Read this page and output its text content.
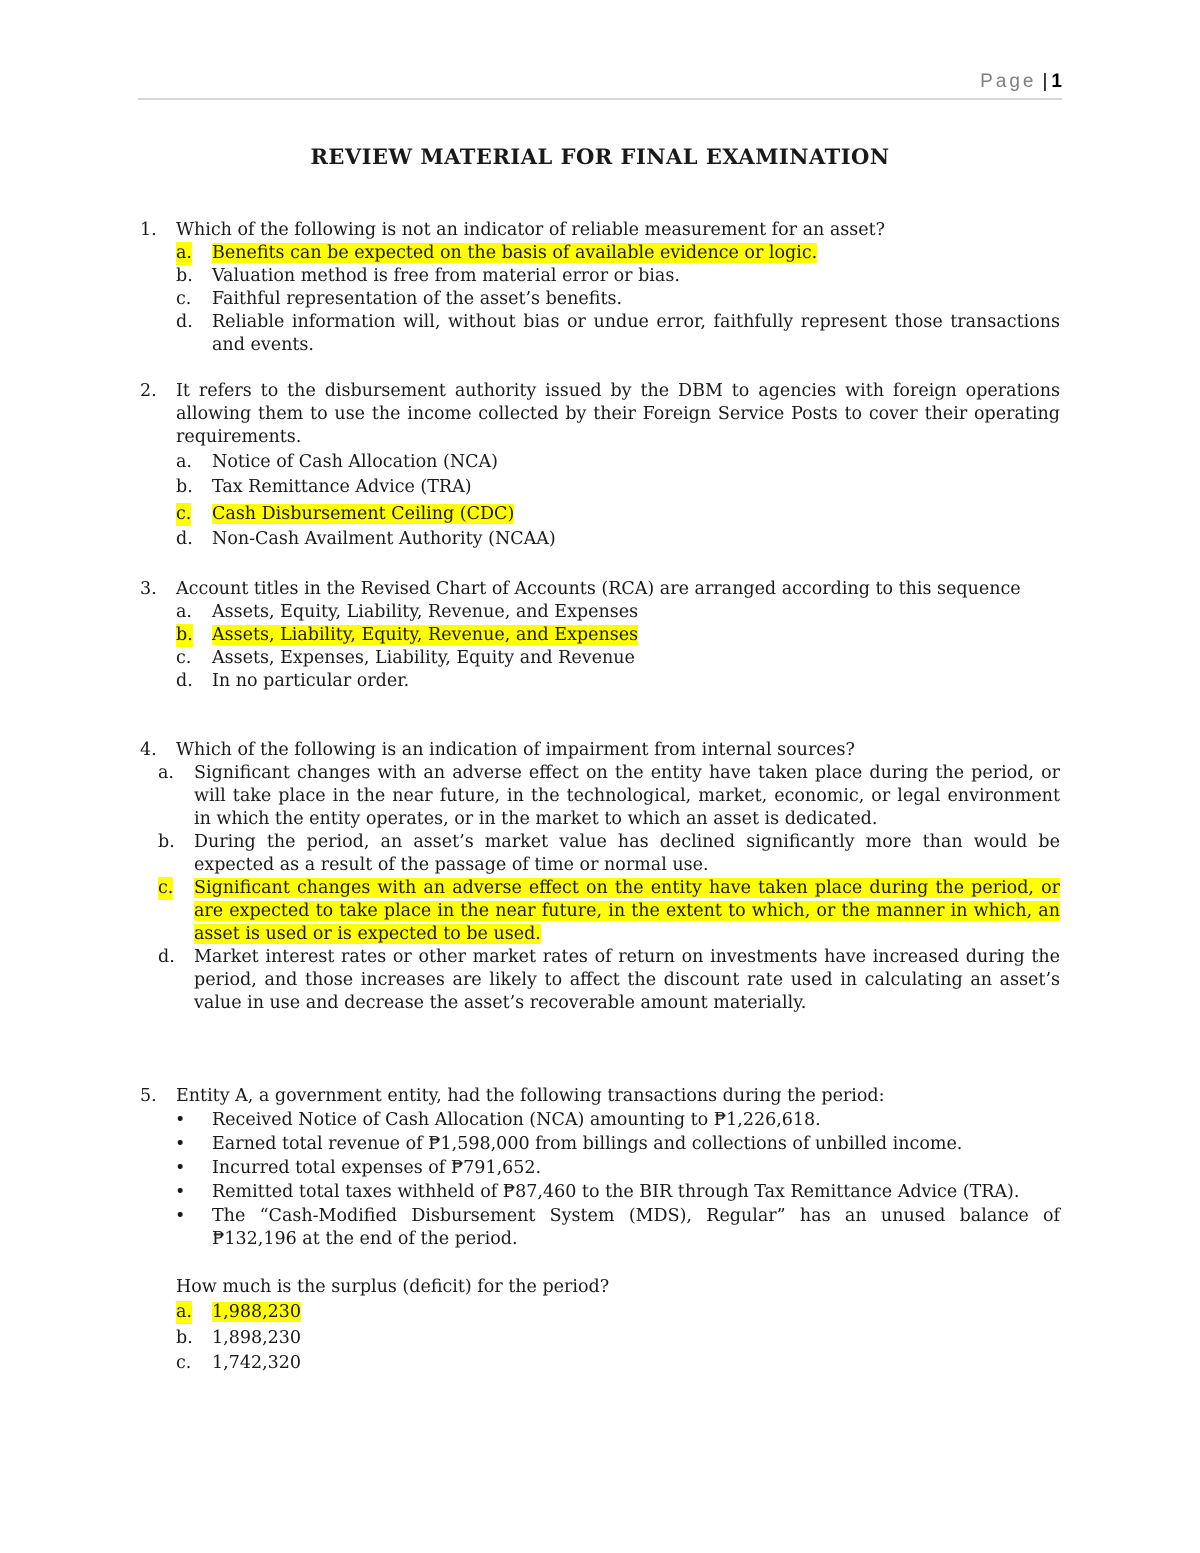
Page | 1
REVIEW MATERIAL FOR FINAL EXAMINATION
1. Which of the following is not an indicator of reliable measurement for an asset?
a. Benefits can be expected on the basis of available evidence or logic.
b. Valuation method is free from material error or bias.
c. Faithful representation of the asset’s benefits.
d. Reliable information will, without bias or undue error, faithfully represent those transactions and events.
2. It refers to the disbursement authority issued by the DBM to agencies with foreign operations allowing them to use the income collected by their Foreign Service Posts to cover their operating requirements.
a. Notice of Cash Allocation (NCA)
b. Tax Remittance Advice (TRA)
c. Cash Disbursement Ceiling (CDC)
d. Non-Cash Availment Authority (NCAA)
3. Account titles in the Revised Chart of Accounts (RCA) are arranged according to this sequence
a. Assets, Equity, Liability, Revenue, and Expenses
b. Assets, Liability, Equity, Revenue, and Expenses
c. Assets, Expenses, Liability, Equity and Revenue
d. In no particular order.
4. Which of the following is an indication of impairment from internal sources?
a. Significant changes with an adverse effect on the entity have taken place during the period, or will take place in the near future, in the technological, market, economic, or legal environment in which the entity operates, or in the market to which an asset is dedicated.
b. During the period, an asset’s market value has declined significantly more than would be expected as a result of the passage of time or normal use.
c. Significant changes with an adverse effect on the entity have taken place during the period, or are expected to take place in the near future, in the extent to which, or the manner in which, an asset is used or is expected to be used.
d. Market interest rates or other market rates of return on investments have increased during the period, and those increases are likely to affect the discount rate used in calculating an asset’s value in use and decrease the asset’s recoverable amount materially.
5. Entity A, a government entity, had the following transactions during the period:
• Received Notice of Cash Allocation (NCA) amounting to ₱1,226,618.
• Earned total revenue of ₱1,598,000 from billings and collections of unbilled income.
• Incurred total expenses of ₱791,652.
• Remitted total taxes withheld of ₱87,460 to the BIR through Tax Remittance Advice (TRA).
• The “Cash-Modified Disbursement System (MDS), Regular” has an unused balance of ₱132,196 at the end of the period.
How much is the surplus (deficit) for the period?
a. 1,988,230
b. 1,898,230
c. 1,742,320
